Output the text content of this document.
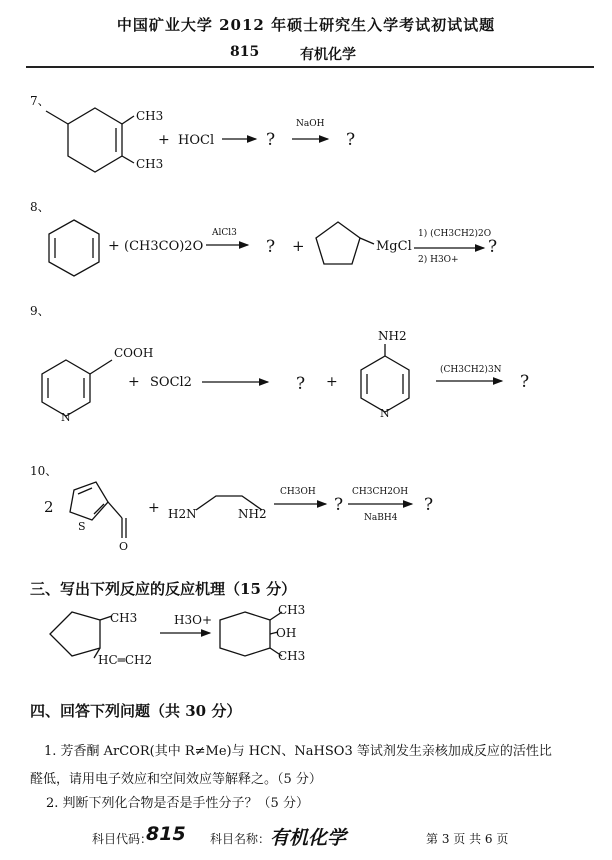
中国矿业大学 2012 年硕士研究生入学考试初试试题
815	有机化学
7、
8、
9、
10、
CH3
CH3
+ HOCl	?
NaOH
?
+ (CH3CO)2O
AlCl3
? +	MgCl
1) (CH3CH2)2O
2) H3O+
?
COOH
N
+ SOCl2	? +
NH2
N
(CH3CH2)3N
?
2
S
O
+ H2N	NH2
CH3OH
?
CH3CH2OH
NaBH4
?
CH3
HC═CH2
H3O+
CH3
OH
CH3
三、写出下列反应的反应机理（15 分）
四、回答下列问题（共 30 分）
1. 芳香酮 ArCOR(其中 R≠Me)与 HCN、NaHSO3 等试剂发生亲核加成反应的活性比
醛低，请用电子效应和空间效应等解释之。（5 分）
2. 判断下列化合物是否是手性分子？（5 分）
科目代码：
815 科目名称： 有机化学	第 3 页 共 6 页
